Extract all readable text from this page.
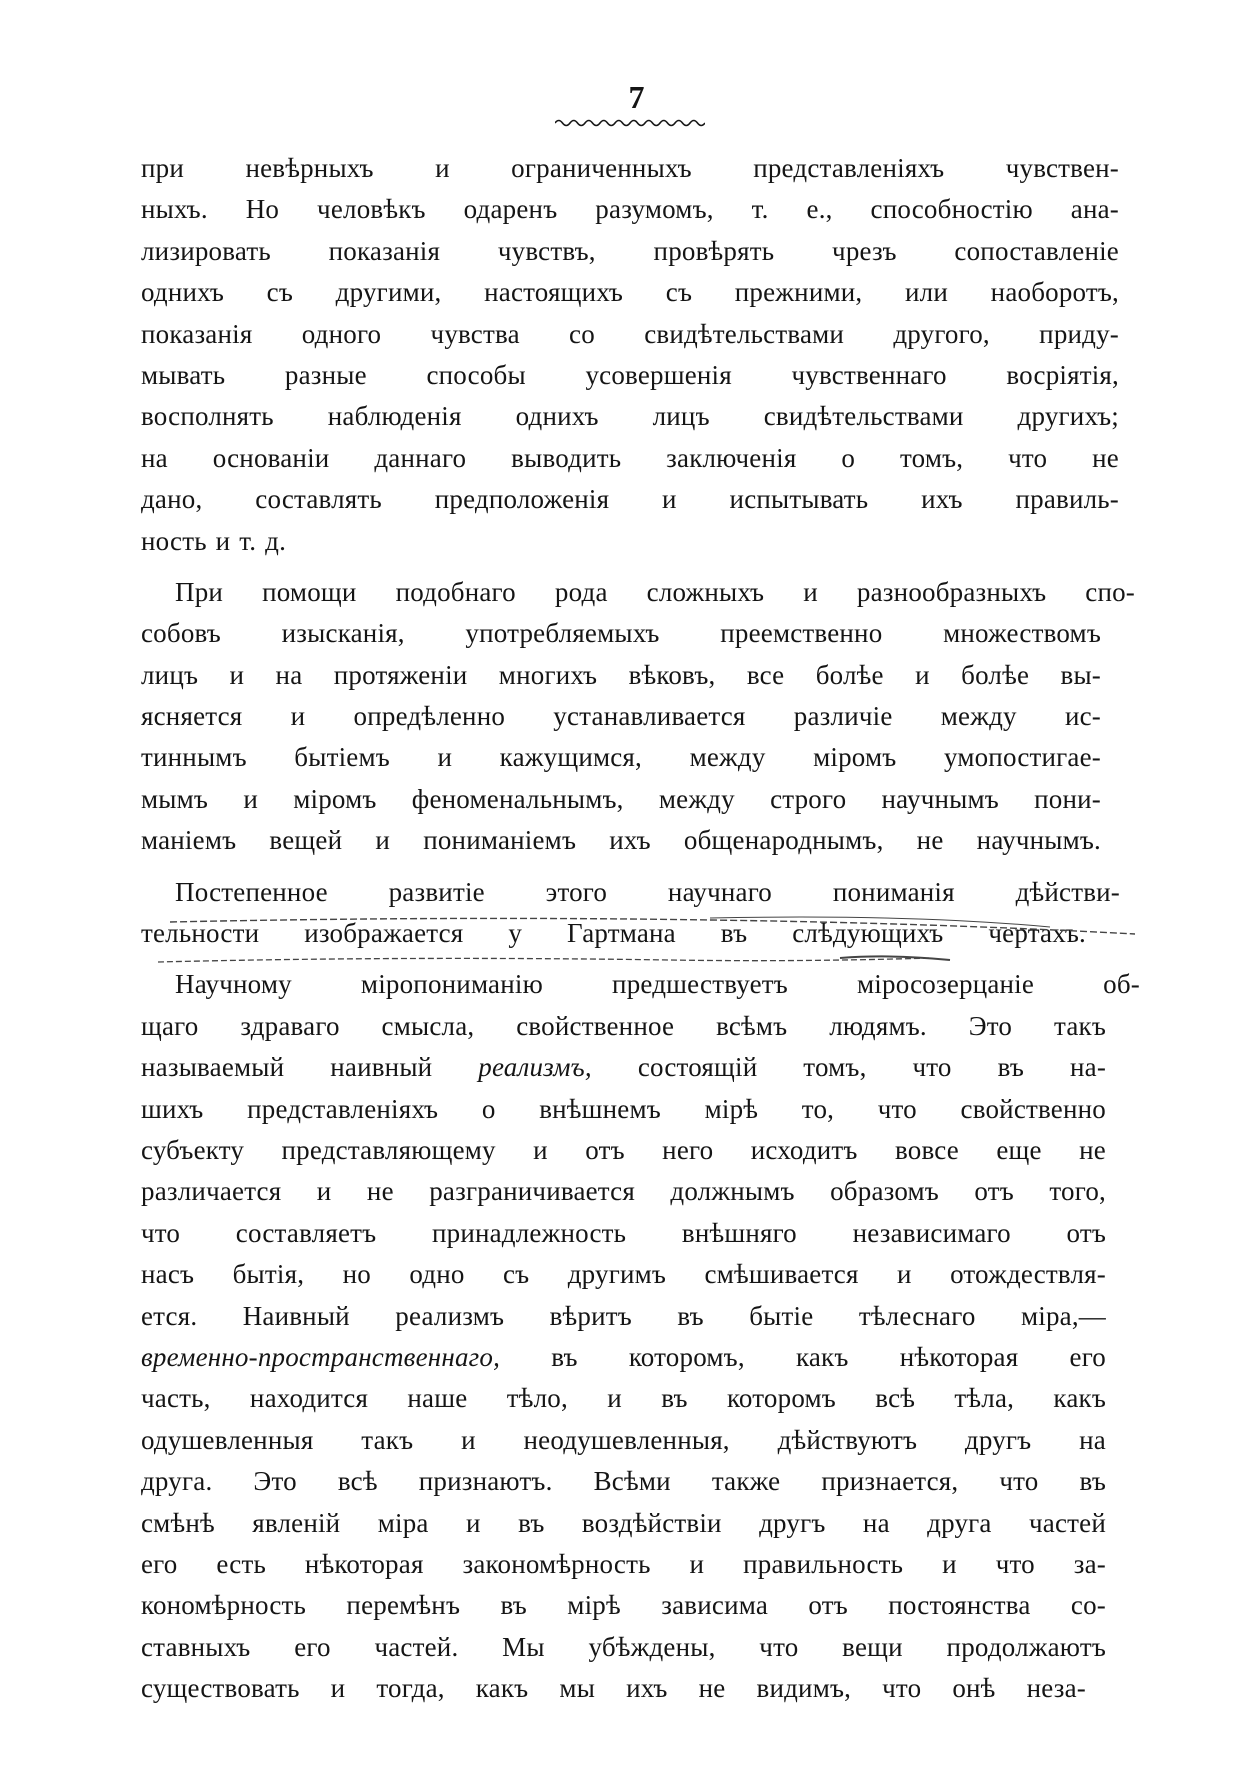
7
при невѣрныхъ и ограниченныхъ представленіяхъ чувствен-
ныхъ. Но человѣкъ одаренъ разумомъ, т. е., способностію ана-
лизировать показанія чувствъ, провѣрять чрезъ сопоставленіе
однихъ съ другими, настоящихъ съ прежними, или наоборотъ,
показанія одного чувства со свидѣтельствами другого, приду-
мывать разные способы усовершенія чувственнаго восріятія,
восполнять наблюденія однихъ лицъ свидѣтельствами другихъ;
на основаніи даннаго выводить заключенія о томъ, что не
дано, составлять предположенія и испытывать ихъ правиль-
ность и т. д.
При помощи подобнаго рода сложныхъ и разнообразныхъ спо-
собовъ изысканія, употребляемыхъ преемственно множествомъ
лицъ и на протяженіи многихъ вѣковъ, все болѣе и болѣе вы-
ясняется и опредѣленно устанавливается различіе между ис-
тиннымъ бытіемъ и кажущимся, между міромъ умопостигае-
мымъ и міромъ феноменальнымъ, между строго научнымъ пони-
маніемъ вещей и пониманіемъ ихъ общенароднымъ, не научнымъ.
Постепенное развитіе этого научнаго пониманія дѣйстви-
тельности изображается у Гартмана въ слѣдующихъ чертахъ.
Научному міропониманію предшествуетъ міросозерцаніе об-
щаго здраваго смысла, свойственное всѣмъ людямъ. Это такъ
называемый наивный реализмъ, состоящій томъ, что въ на-
шихъ представленіяхъ о внѣшнемъ мірѣ то, что свойственно
субъекту представляющему и отъ него исходитъ вовсе еще не
различается и не разграничивается должнымъ образомъ отъ того,
что составляетъ принадлежность внѣшняго независимаго отъ
насъ бытія, но одно съ другимъ смѣшивается и отождествля-
ется. Наивный реализмъ вѣритъ въ бытіе тѣлеснаго міра,—
временно-пространственнаго, въ которомъ, какъ нѣкоторая его
часть, находится наше тѣло, и въ которомъ всѣ тѣла, какъ
одушевленныя такъ и неодушевленныя, дѣйствуютъ другъ на
друга. Это всѣ признаютъ. Всѣми также признается, что въ
смѣнѣ явленій міра и въ воздѣйствіи другъ на друга частей
его есть нѣкоторая закономѣрность и правильность и что за-
кономѣрность перемѣнъ въ мірѣ зависима отъ постоянства со-
ставныхъ его частей. Мы убѣждены, что вещи продолжаютъ
существовать и тогда, какъ мы ихъ не видимъ, что онѣ неза-
